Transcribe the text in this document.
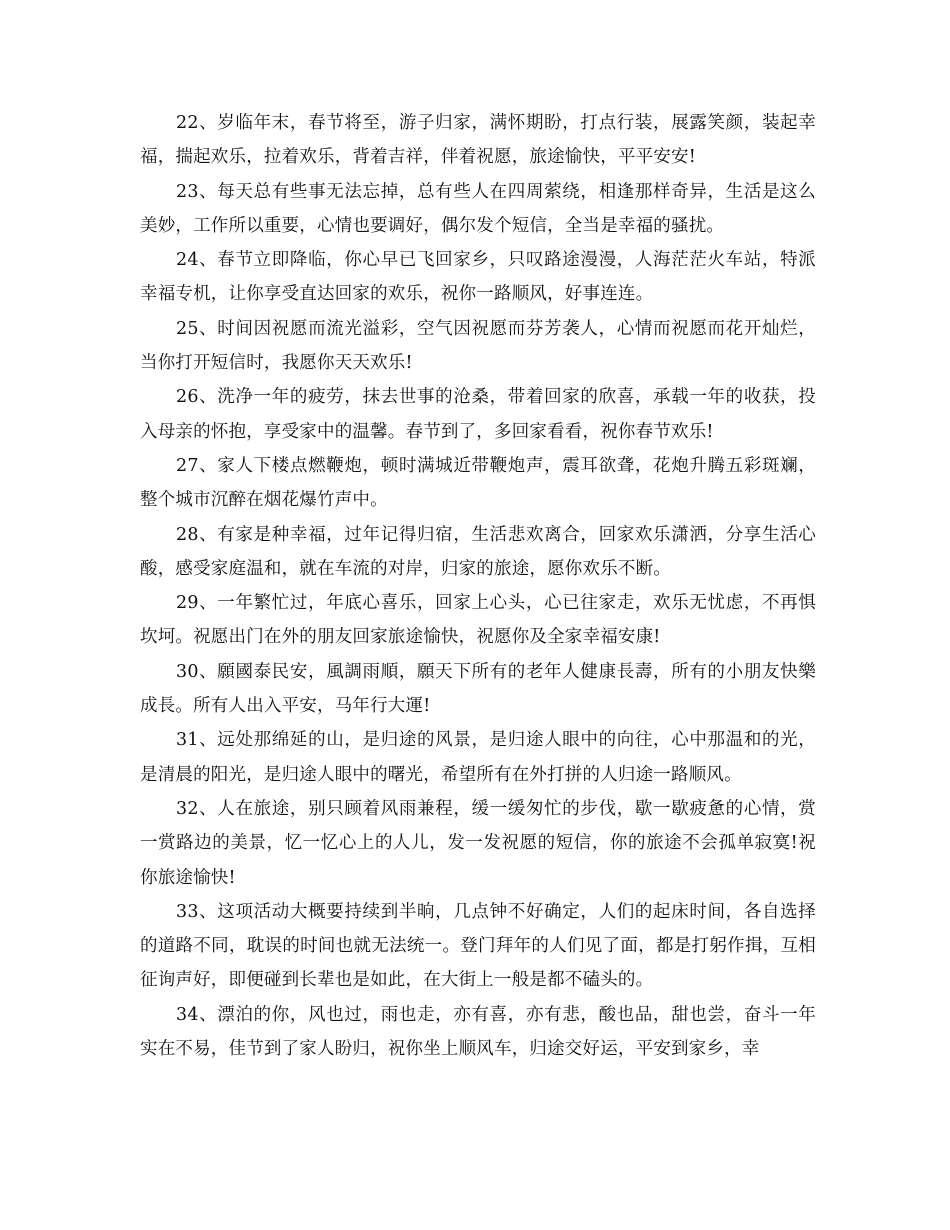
22、岁临年末，春节将至，游子归家，满怀期盼，打点行装，展露笑颜，装起幸福，揣起欢乐，拉着欢乐，背着吉祥，伴着祝愿，旅途愉快，平平安安!

23、每天总有些事无法忘掉，总有些人在四周萦绕，相逢那样奇异，生活是这么美妙，工作所以重要，心情也要调好，偶尔发个短信，全当是幸福的骚扰。

24、春节立即降临，你心早已飞回家乡，只叹路途漫漫，人海茫茫火车站，特派幸福专机，让你享受直达回家的欢乐，祝你一路顺风，好事连连。

25、时间因祝愿而流光溢彩，空气因祝愿而芬芳袭人，心情而祝愿而花开灿烂，当你打开短信时，我愿你天天欢乐!

26、洗净一年的疲劳，抹去世事的沧桑，带着回家的欣喜，承载一年的收获，投入母亲的怀抱，享受家中的温馨。春节到了，多回家看看，祝你春节欢乐!

27、家人下楼点燃鞭炮，顿时满城近带鞭炮声，震耳欲聋，花炮升腾五彩斑斓，整个城市沉醉在烟花爆竹声中。

28、有家是种幸福，过年记得归宿，生活悲欢离合，回家欢乐潇洒，分享生活心酸，感受家庭温和，就在车流的对岸，归家的旅途，愿你欢乐不断。

29、一年繁忙过，年底心喜乐，回家上心头，心已往家走，欢乐无忧虑，不再惧坎坷。祝愿出门在外的朋友回家旅途愉快，祝愿你及全家幸福安康!

30、願國泰民安，風調雨順，願天下所有的老年人健康長壽，所有的小朋友快樂成長。所有人出入平安，马年行大運!

31、远处那绵延的山，是归途的风景，是归途人眼中的向往，心中那温和的光，是清晨的阳光，是归途人眼中的曙光，希望所有在外打拼的人归途一路顺风。

32、人在旅途，别只顾着风雨兼程，缓一缓匆忙的步伐，歇一歇疲惫的心情，赏一赏路边的美景，忆一忆心上的人儿，发一发祝愿的短信，你的旅途不会孤单寂寞!祝你旅途愉快!

33、这项活动大概要持续到半晌，几点钟不好确定，人们的起床时间，各自选择的道路不同，耽误的时间也就无法统一。登门拜年的人们见了面，都是打躬作揖，互相征询声好，即便碰到长辈也是如此，在大街上一般是都不磕头的。

34、漂泊的你，风也过，雨也走，亦有喜，亦有悲，酸也品，甜也尝，奋斗一年实在不易，佳节到了家人盼归，祝你坐上顺风车，归途交好运，平安到家乡，幸
